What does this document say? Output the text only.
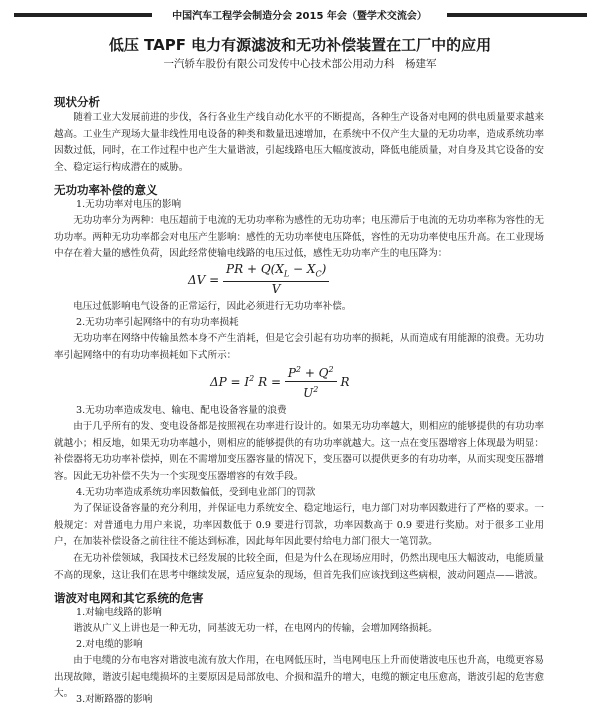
中国汽车工程学会制造分会 2015 年会（暨学术交流会）
低压 TAPF 电力有源滤波和无功补偿装置在工厂中的应用
一汽轿车股份有限公司发传中心技术部公用动力科　杨建军
现状分析
随着工业大发展前进的步伐，各行各业生产线自动化水平的不断提高，各种生产设备对电网的供电质量要求越来越高。工业生产现场大量非线性用电设备的种类和数量迅速增加，在系统中不仅产生大量的无功功率，造成系统功率因数过低，同时，在工作过程中也产生大量谐波，引起线路电压大幅度波动，降低电能质量，对自身及其它设备的安全、稳定运行构成潜在的威胁。
无功功率补偿的意义
1.无功功率对电压的影响
无功功率分为两种：电压超前于电流的无功功率称为感性的无功功率；电压滞后于电流的无功功率称为容性的无功功率。两种无功功率都会对电压产生影响：感性的无功功率使电压降低，容性的无功功率使电压升高。在工业现场中存在着大量的感性负荷，因此经常使输电线路的电压过低，感性无功功率产生的电压降为：
$\Delta V = \frac{PR + Q(X_L - X_C)}{V}$
电压过低影响电气设备的正常运行，因此必须进行无功功率补偿。
2.无功功率引起网络中的有功功率损耗
无功功率在网络中传输虽然本身不产生消耗，但是它会引起有功功率的损耗，从而造成有用能源的浪费。无功功率引起网络中的有功功率损耗如下式所示：
$\Delta P = I^2$ $R = \frac{P^2 + Q^2}{U^2}$ R
3.无功功率造成发电、输电、配电设备容量的浪费
由于几乎所有的发、变电设备都是按照视在功率进行设计的。如果无功功率越大，则相应的能够提供的有功功率就越小；相反地，如果无功功率越小，则相应的能够提供的有功功率就越大。这一点在变压器增容上体现最为明显：补偿器将无功功率补偿掉，则在不需增加变压器容量的情况下，变压器可以提供更多的有功功率，从而实现变压器增容。因此无功补偿不失为一个实现变压器增容的有效手段。
4.无功功率造成系统功率因数偏低，受到电业部门的罚款
为了保证设备容量的充分利用，并保证电力系统安全、稳定地运行，电力部门对功率因数进行了严格的要求。一般规定：对普通电力用户来说，功率因数低于 0.9 要进行罚款，功率因数高于 0.9 要进行奖励。对于很多工业用户，在加装补偿设备之前往往不能达到标准，因此每年因此要付给电力部门很大一笔罚款。
在无功补偿领域，我国技术已经发展的比较全面，但是为什么在现场应用时，仍然出现电压大幅波动，电能质量不高的现象，这让我们在思考中继续发展，适应复杂的现场，但首先我们应该找到这些病根，波动问题点——谐波。
谐波对电网和其它系统的危害
1.对输电线路的影响
谐波从广义上讲也是一种无功，同基波无功一样，在电网内的传输，会增加网络损耗。
2.对电缆的影响
由于电缆的分布电容对谐波电流有放大作用，在电网低压时，当电网电压上升而使谐波电压也升高，电缆更容易出现故障，谐波引起电缆损坏的主要原因是局部放电、介损和温升的增大，电缆的额定电压愈高，谐波引起的危害愈大。
3.对断路器的影响
